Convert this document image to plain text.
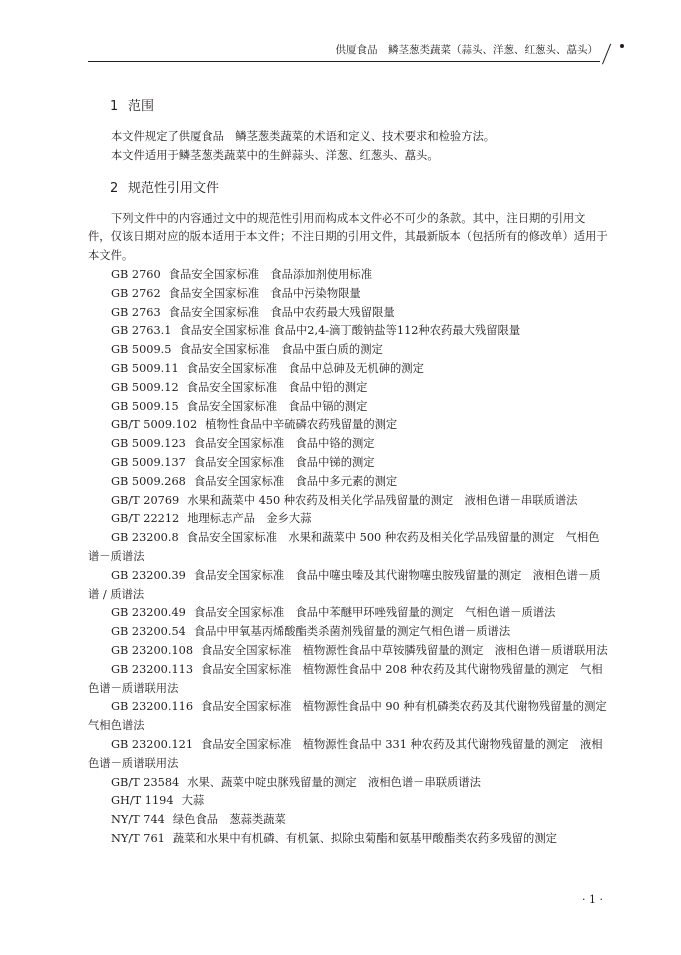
供厦食品　鳞茎葱类蔬菜（蒜头、洋葱、红葱头、藠头）
1 范围

本文件规定了供厦食品　鳞茎葱类蔬菜的术语和定义、技术要求和检验方法。

本文件适用于鳞茎葱类蔬菜中的生鲜蒜头、洋葱、红葱头、藠头。

2 规范性引用文件

下列文件中的内容通过文中的规范性引用而构成本文件必不可少的条款。其中，注日期的引用文件，仅该日期对应的版本适用于本文件；不注日期的引用文件，其最新版本（包括所有的修改单）适用于本文件。

GB 2760 食品安全国家标准　食品添加剂使用标准
GB 2762 食品安全国家标准　食品中污染物限量
GB 2763 食品安全国家标准　食品中农药最大残留限量
GB 2763.1 食品安全国家标准 食品中2,4-滴丁酸钠盐等112种农药最大残留限量
GB 5009.5 食品安全国家标准　食品中蛋白质的测定
GB 5009.11 食品安全国家标准　食品中总砷及无机砷的测定
GB 5009.12 食品安全国家标准　食品中铅的测定
GB 5009.15 食品安全国家标准　食品中镉的测定
GB/T 5009.102 植物性食品中辛硫磷农药残留量的测定
GB 5009.123 食品安全国家标准　食品中铬的测定
GB 5009.137 食品安全国家标准　食品中锑的测定
GB 5009.268 食品安全国家标准　食品中多元素的测定
GB/T 20769 水果和蔬菜中 450 种农药及相关化学品残留量的测定　液相色谱－串联质谱法
GB/T 22212 地理标志产品　金乡大蒜
GB 23200.8 食品安全国家标准　水果和蔬菜中 500 种农药及相关化学品残留量的测定　气相色谱－质谱法
GB 23200.39 食品安全国家标准　食品中噻虫嗪及其代谢物噻虫胺残留量的测定　液相色谱－质谱 / 质谱法
GB 23200.49 食品安全国家标准　食品中苯醚甲环唑残留量的测定　气相色谱－质谱法
GB 23200.54 食品中甲氧基丙烯酸酯类杀菌剂残留量的测定气相色谱－质谱法
GB 23200.108 食品安全国家标准　植物源性食品中草铵膦残留量的测定　液相色谱－质谱联用法
GB 23200.113 食品安全国家标准　植物源性食品中 208 种农药及其代谢物残留量的测定　气相色谱－质谱联用法
GB 23200.116 食品安全国家标准　植物源性食品中 90 种有机磷类农药及其代谢物残留量的测定气相色谱法
GB 23200.121 食品安全国家标准　植物源性食品中 331 种农药及其代谢物残留量的测定　液相色谱－质谱联用法
GB/T 23584 水果、蔬菜中啶虫脒残留量的测定　液相色谱－串联质谱法
GH/T 1194 大蒜
NY/T 744 绿色食品　葱蒜类蔬菜
NY/T 761 蔬菜和水果中有机磷、有机氯、拟除虫菊酯和氨基甲酸酯类农药多残留的测定
· 1 ·
